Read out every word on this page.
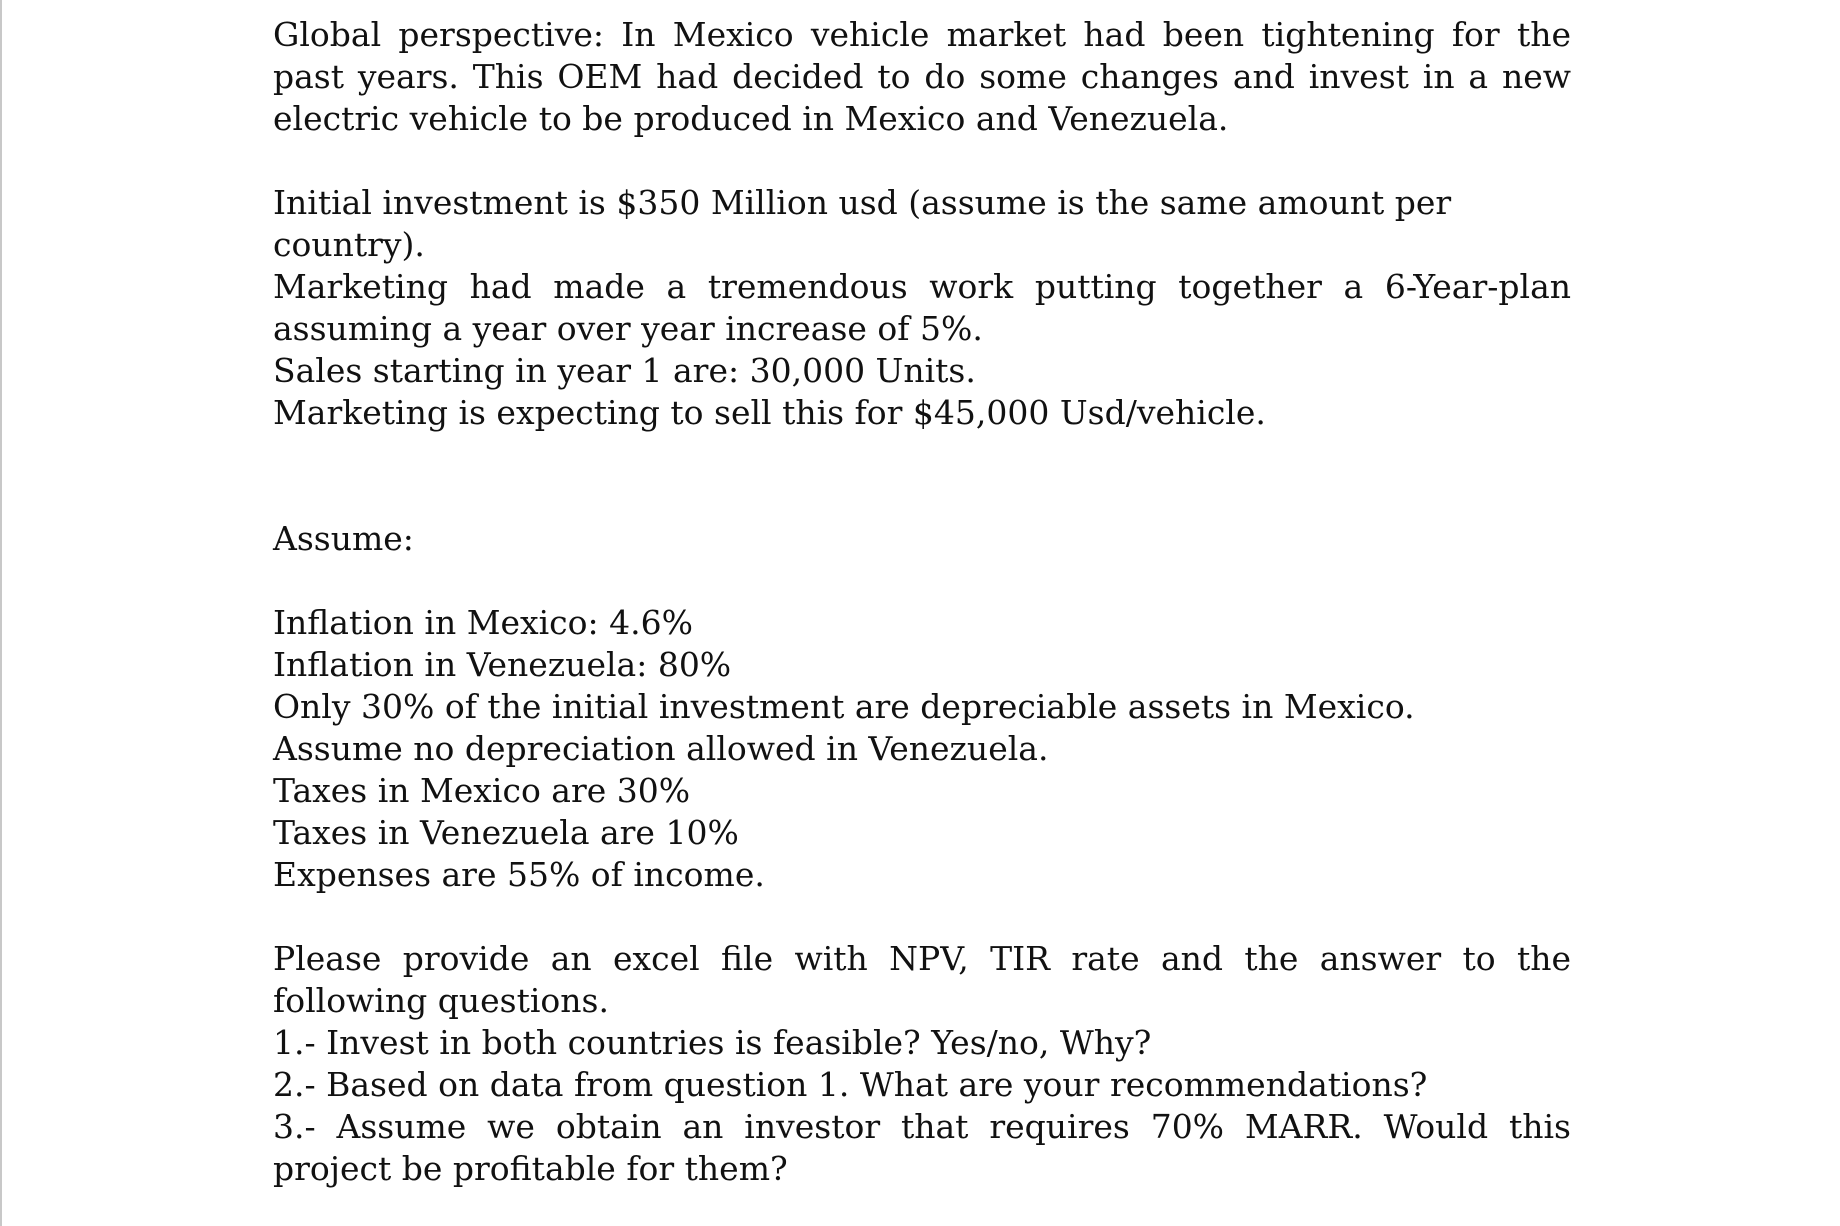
Global perspective: In Mexico vehicle market had been tightening for the past years. This OEM had decided to do some changes and invest in a new electric vehicle to be produced in Mexico and Venezuela.

Initial investment is $350 Million usd (assume is the same amount per country).

Marketing had made a tremendous work putting together a 6-Year-plan assuming a year over year increase of 5%.

Sales starting in year 1 are: 30,000 Units.

Marketing is expecting to sell this for $45,000 Usd/vehicle.

Assume:

Inflation in Mexico: 4.6%

Inflation in Venezuela: 80%

Only 30% of the initial investment are depreciable assets in Mexico.

Assume no depreciation allowed in Venezuela.

Taxes in Mexico are 30%

Taxes in Venezuela are 10%

Expenses are 55% of income.

Please provide an excel file with NPV, TIR rate and the answer to the following questions.

1.- Invest in both countries is feasible? Yes/no, Why?

2.- Based on data from question 1. What are your recommendations?

3.- Assume we obtain an investor that requires 70% MARR. Would this project be profitable for them?
